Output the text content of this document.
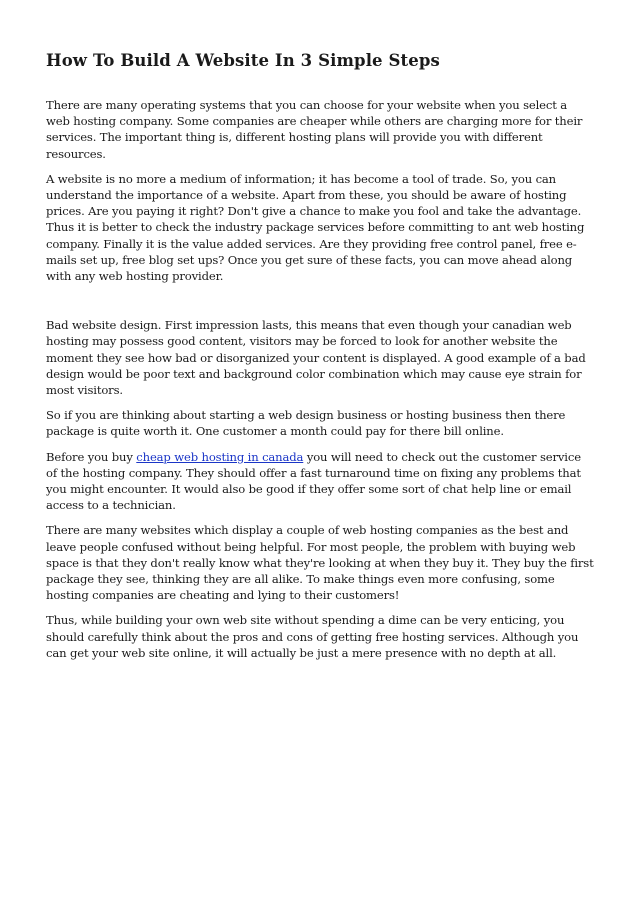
How To Build A Website In 3 Simple Steps

There are many operating systems that you can choose for your website when you select a web hosting company. Some companies are cheaper while others are charging more for their services. The important thing is, different hosting plans will provide you with different resources.

A website is no more a medium of information; it has become a tool of trade. So, you can understand the importance of a website. Apart from these, you should be aware of hosting prices. Are you paying it right? Don't give a chance to make you fool and take the advantage. Thus it is better to check the industry package services before committing to ant web hosting company. Finally it is the value added services. Are they providing free control panel, free e-mails set up, free blog set ups? Once you get sure of these facts, you can move ahead along with any web hosting provider.

Bad website design. First impression lasts, this means that even though your canadian web hosting may possess good content, visitors may be forced to look for another website the moment they see how bad or disorganized your content is displayed. A good example of a bad design would be poor text and background color combination which may cause eye strain for most visitors.

So if you are thinking about starting a web design business or hosting business then there package is quite worth it. One customer a month could pay for there bill online.

Before you buy cheap web hosting in canada you will need to check out the customer service of the hosting company. They should offer a fast turnaround time on fixing any problems that you might encounter. It would also be good if they offer some sort of chat help line or email access to a technician.

There are many websites which display a couple of web hosting companies as the best and leave people confused without being helpful. For most people, the problem with buying web space is that they don't really know what they're looking at when they buy it. They buy the first package they see, thinking they are all alike. To make things even more confusing, some hosting companies are cheating and lying to their customers!

Thus, while building your own web site without spending a dime can be very enticing, you should carefully think about the pros and cons of getting free hosting services. Although you can get your web site online, it will actually be just a mere presence with no depth at all.
